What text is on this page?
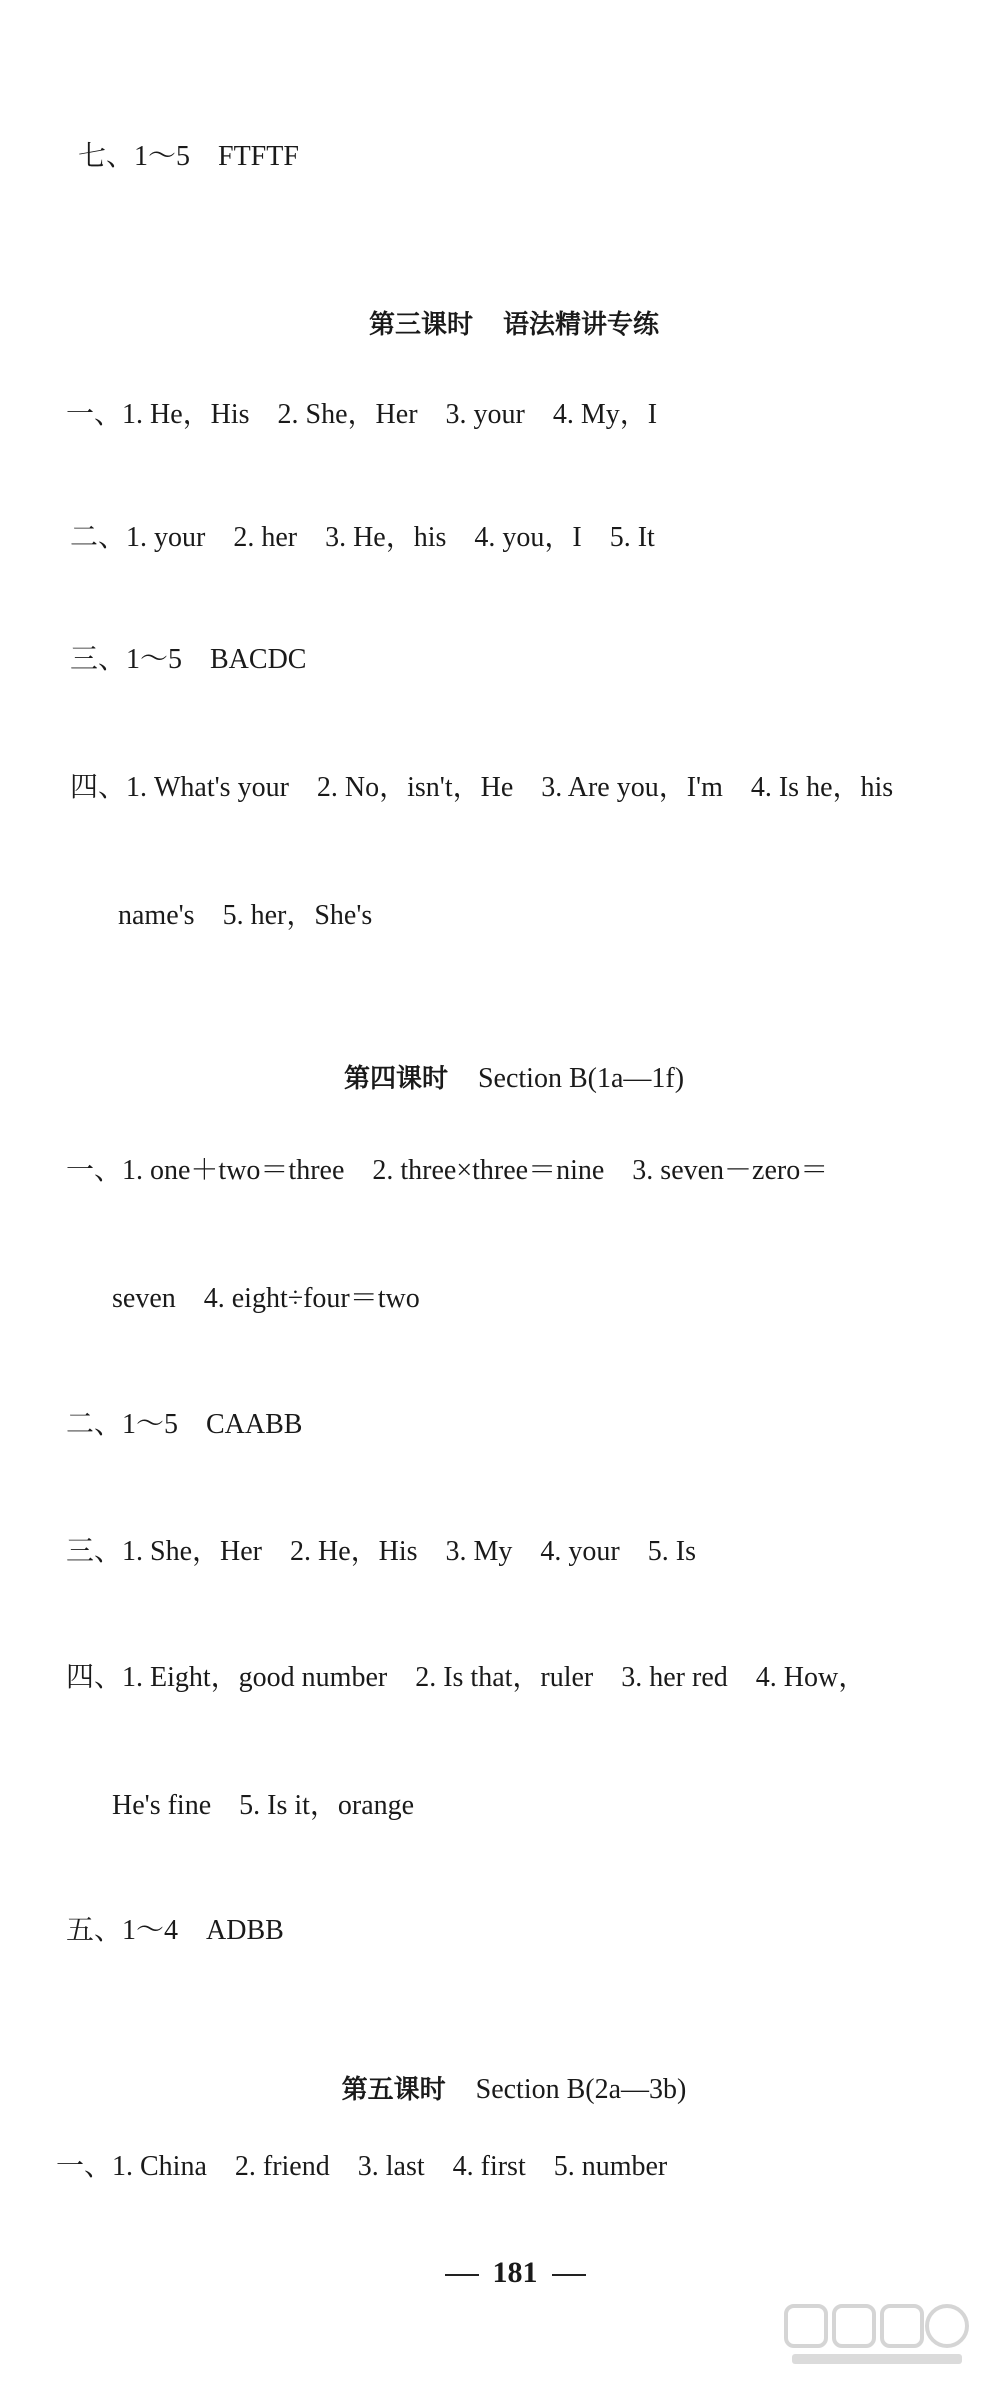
七、1～5　FTFTF

第三课时 语法精讲专练

一、1. He，His　2. She，Her　3. your　4. My，I
二、1. your　2. her　3. He，his　4. you，I　5. It
三、1～5　BACDC
四、1. What's your　2. No，isn't，He　3. Are you，I'm　4. Is he，his
name's　5. her，She's

第四课时 Section B(1a—1f)

一、1. one＋two＝three　2. three×three＝nine　3. seven－zero＝
seven　4. eight÷four＝two
二、1～5　CAABB
三、1. She，Her　2. He，His　3. My　4. your　5. Is
四、1. Eight，good number　2. Is that，ruler　3. her red　4. How，
He's fine　5. Is it，orange
五、1～4　ADBB

第五课时 Section B(2a—3b)

一、1. China　2. friend　3. last　4. first　5. number

181
